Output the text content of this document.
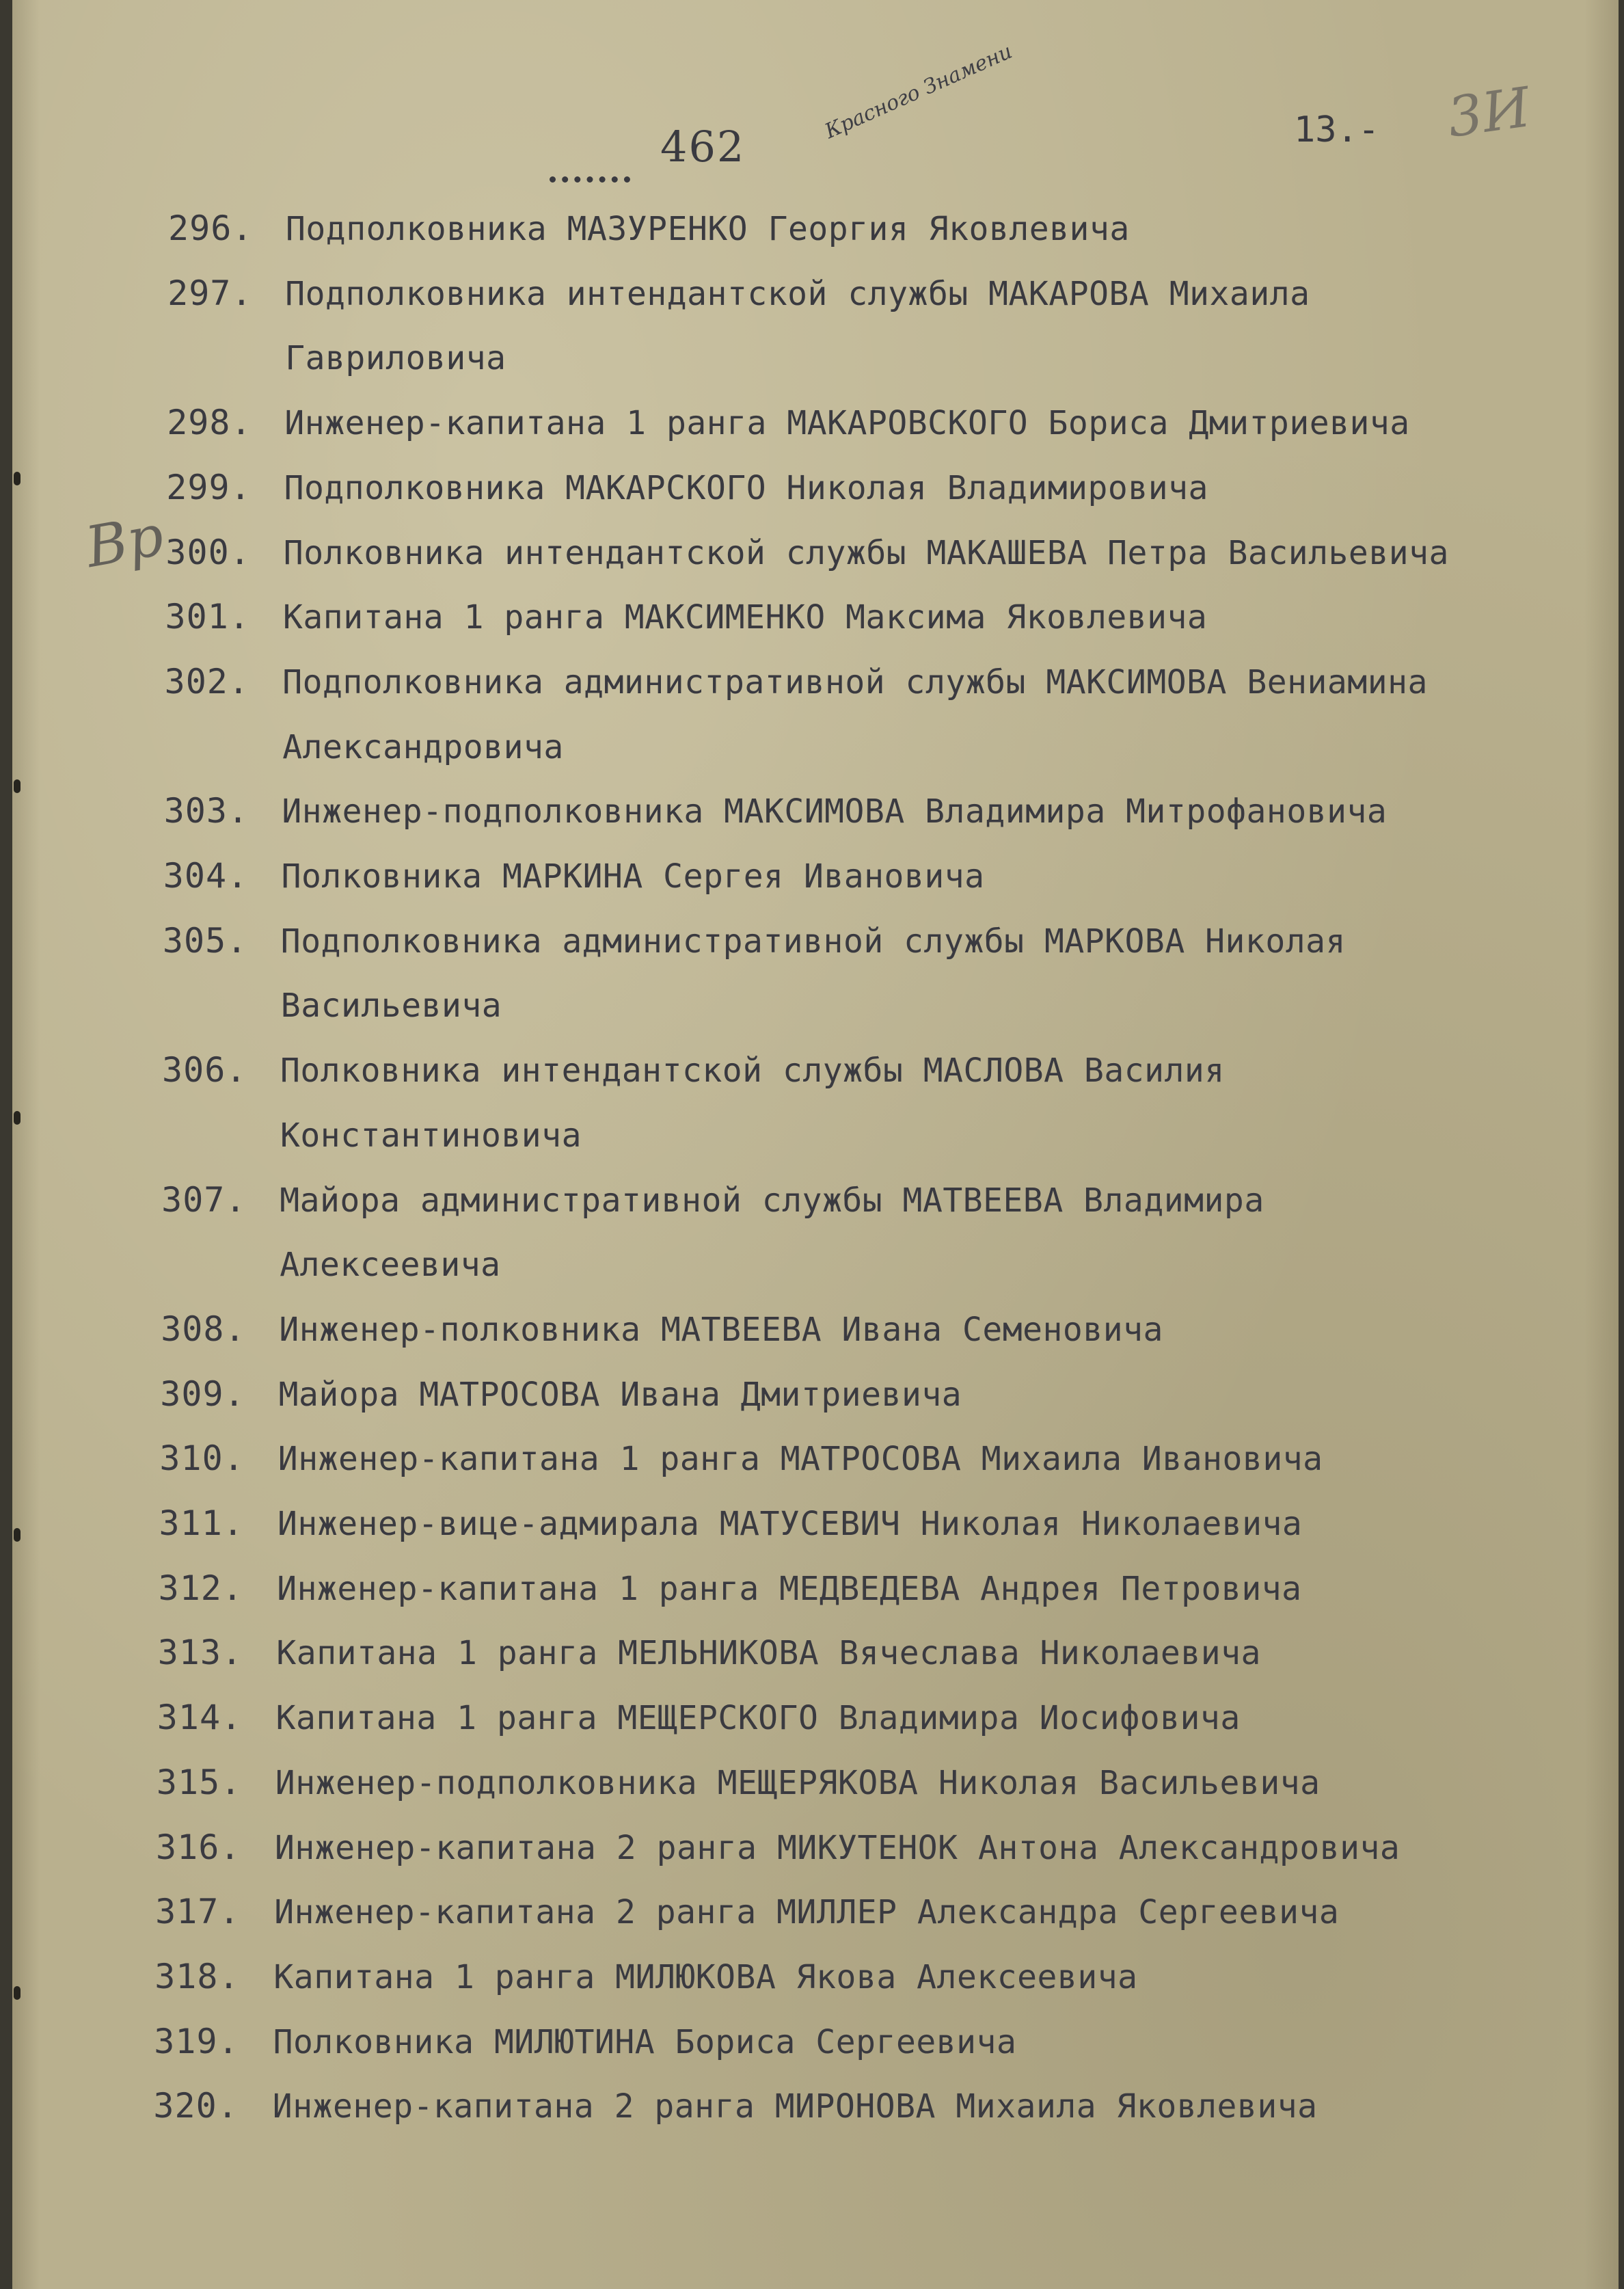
462
Красного Знамени	13.- 3И
Вр
296. Подполковника МАЗУРЕНКО Георгия Яковлевича
297. Подполковника интендантской службы МАКАРОВА Михаила
Гавриловича
298. Инженер-капитана 1 ранга МАКАРОВСКОГО Бориса Дмитриевича
299. Подполковника МАКАРСКОГО Николая Владимировича
300. Полковника интендантской службы МАКАШЕВА Петра Васильевича
301. Капитана 1 ранга МАКСИМЕНКО Максима Яковлевича
302. Подполковника административной службы МАКСИМОВА Вениамина
Александровича
303. Инженер-подполковника МАКСИМОВА Владимира Митрофановича
304. Полковника МАРКИНА Сергея Ивановича
305. Подполковника административной службы МАРКОВА Николая
Васильевича
306. Полковника интендантской службы МАСЛОВА Василия
Константиновича
307. Майора административной службы МАТВЕЕВА Владимира
Алексеевича
308. Инженер-полковника МАТВЕЕВА Ивана Семеновича
309. Майора МАТРОСОВА Ивана Дмитриевича
310. Инженер-капитана 1 ранга МАТРОСОВА Михаила Ивановича
311. Инженер-вице-адмирала МАТУСЕВИЧ Николая Николаевича
312. Инженер-капитана 1 ранга МЕДВЕДЕВА Андрея Петровича
313. Капитана 1 ранга МЕЛЬНИКОВА Вячеслава Николаевича
314. Капитана 1 ранга МЕЩЕРСКОГО Владимира Иосифовича
315. Инженер-подполковника МЕЩЕРЯКОВА Николая Васильевича
316. Инженер-капитана 2 ранга МИКУТЕНОК Антона Александровича
317. Инженер-капитана 2 ранга МИЛЛЕР Александра Сергеевича
318. Капитана 1 ранга МИЛЮКОВА Якова Алексеевича
319. Полковника МИЛЮТИНА Бориса Сергеевича
320. Инженер-капитана 2 ранга МИРОНОВА Михаила Яковлевича
